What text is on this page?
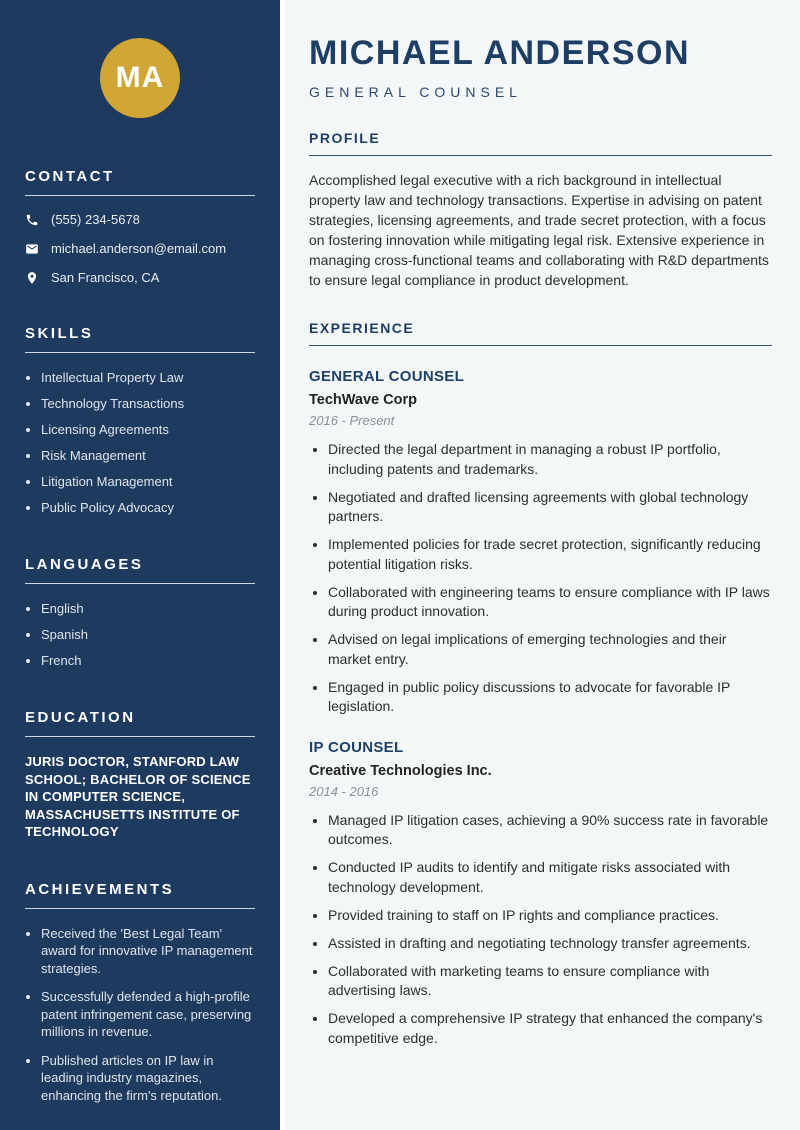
MA
CONTACT
(555) 234-5678
michael.anderson@email.com
San Francisco, CA
SKILLS
• Intellectual Property Law
• Technology Transactions
• Licensing Agreements
• Risk Management
• Litigation Management
• Public Policy Advocacy
LANGUAGES
• English
• Spanish
• French
EDUCATION
JURIS DOCTOR, STANFORD LAW SCHOOL; BACHELOR OF SCIENCE IN COMPUTER SCIENCE, MASSACHUSETTS INSTITUTE OF TECHNOLOGY
ACHIEVEMENTS
• Received the 'Best Legal Team' award for innovative IP management strategies.
• Successfully defended a high-profile patent infringement case, preserving millions in revenue.
• Published articles on IP law in leading industry magazines, enhancing the firm's reputation.
MICHAEL ANDERSON
GENERAL COUNSEL
PROFILE

Accomplished legal executive with a rich background in intellectual property law and technology transactions. Expertise in advising on patent strategies, licensing agreements, and trade secret protection, with a focus on fostering innovation while mitigating legal risk. Extensive experience in managing cross-functional teams and collaborating with R&D departments to ensure legal compliance in product development.

EXPERIENCE
GENERAL COUNSEL
TechWave Corp
2016 - Present
• Directed the legal department in managing a robust IP portfolio, including patents and trademarks.
• Negotiated and drafted licensing agreements with global technology partners.
• Implemented policies for trade secret protection, significantly reducing potential litigation risks.
• Collaborated with engineering teams to ensure compliance with IP laws during product innovation.
• Advised on legal implications of emerging technologies and their market entry.
• Engaged in public policy discussions to advocate for favorable IP legislation.
IP COUNSEL
Creative Technologies Inc.
2014 - 2016
• Managed IP litigation cases, achieving a 90% success rate in favorable outcomes.
• Conducted IP audits to identify and mitigate risks associated with technology development.
• Provided training to staff on IP rights and compliance practices.
• Assisted in drafting and negotiating technology transfer agreements.
• Collaborated with marketing teams to ensure compliance with advertising laws.
• Developed a comprehensive IP strategy that enhanced the company's competitive edge.
